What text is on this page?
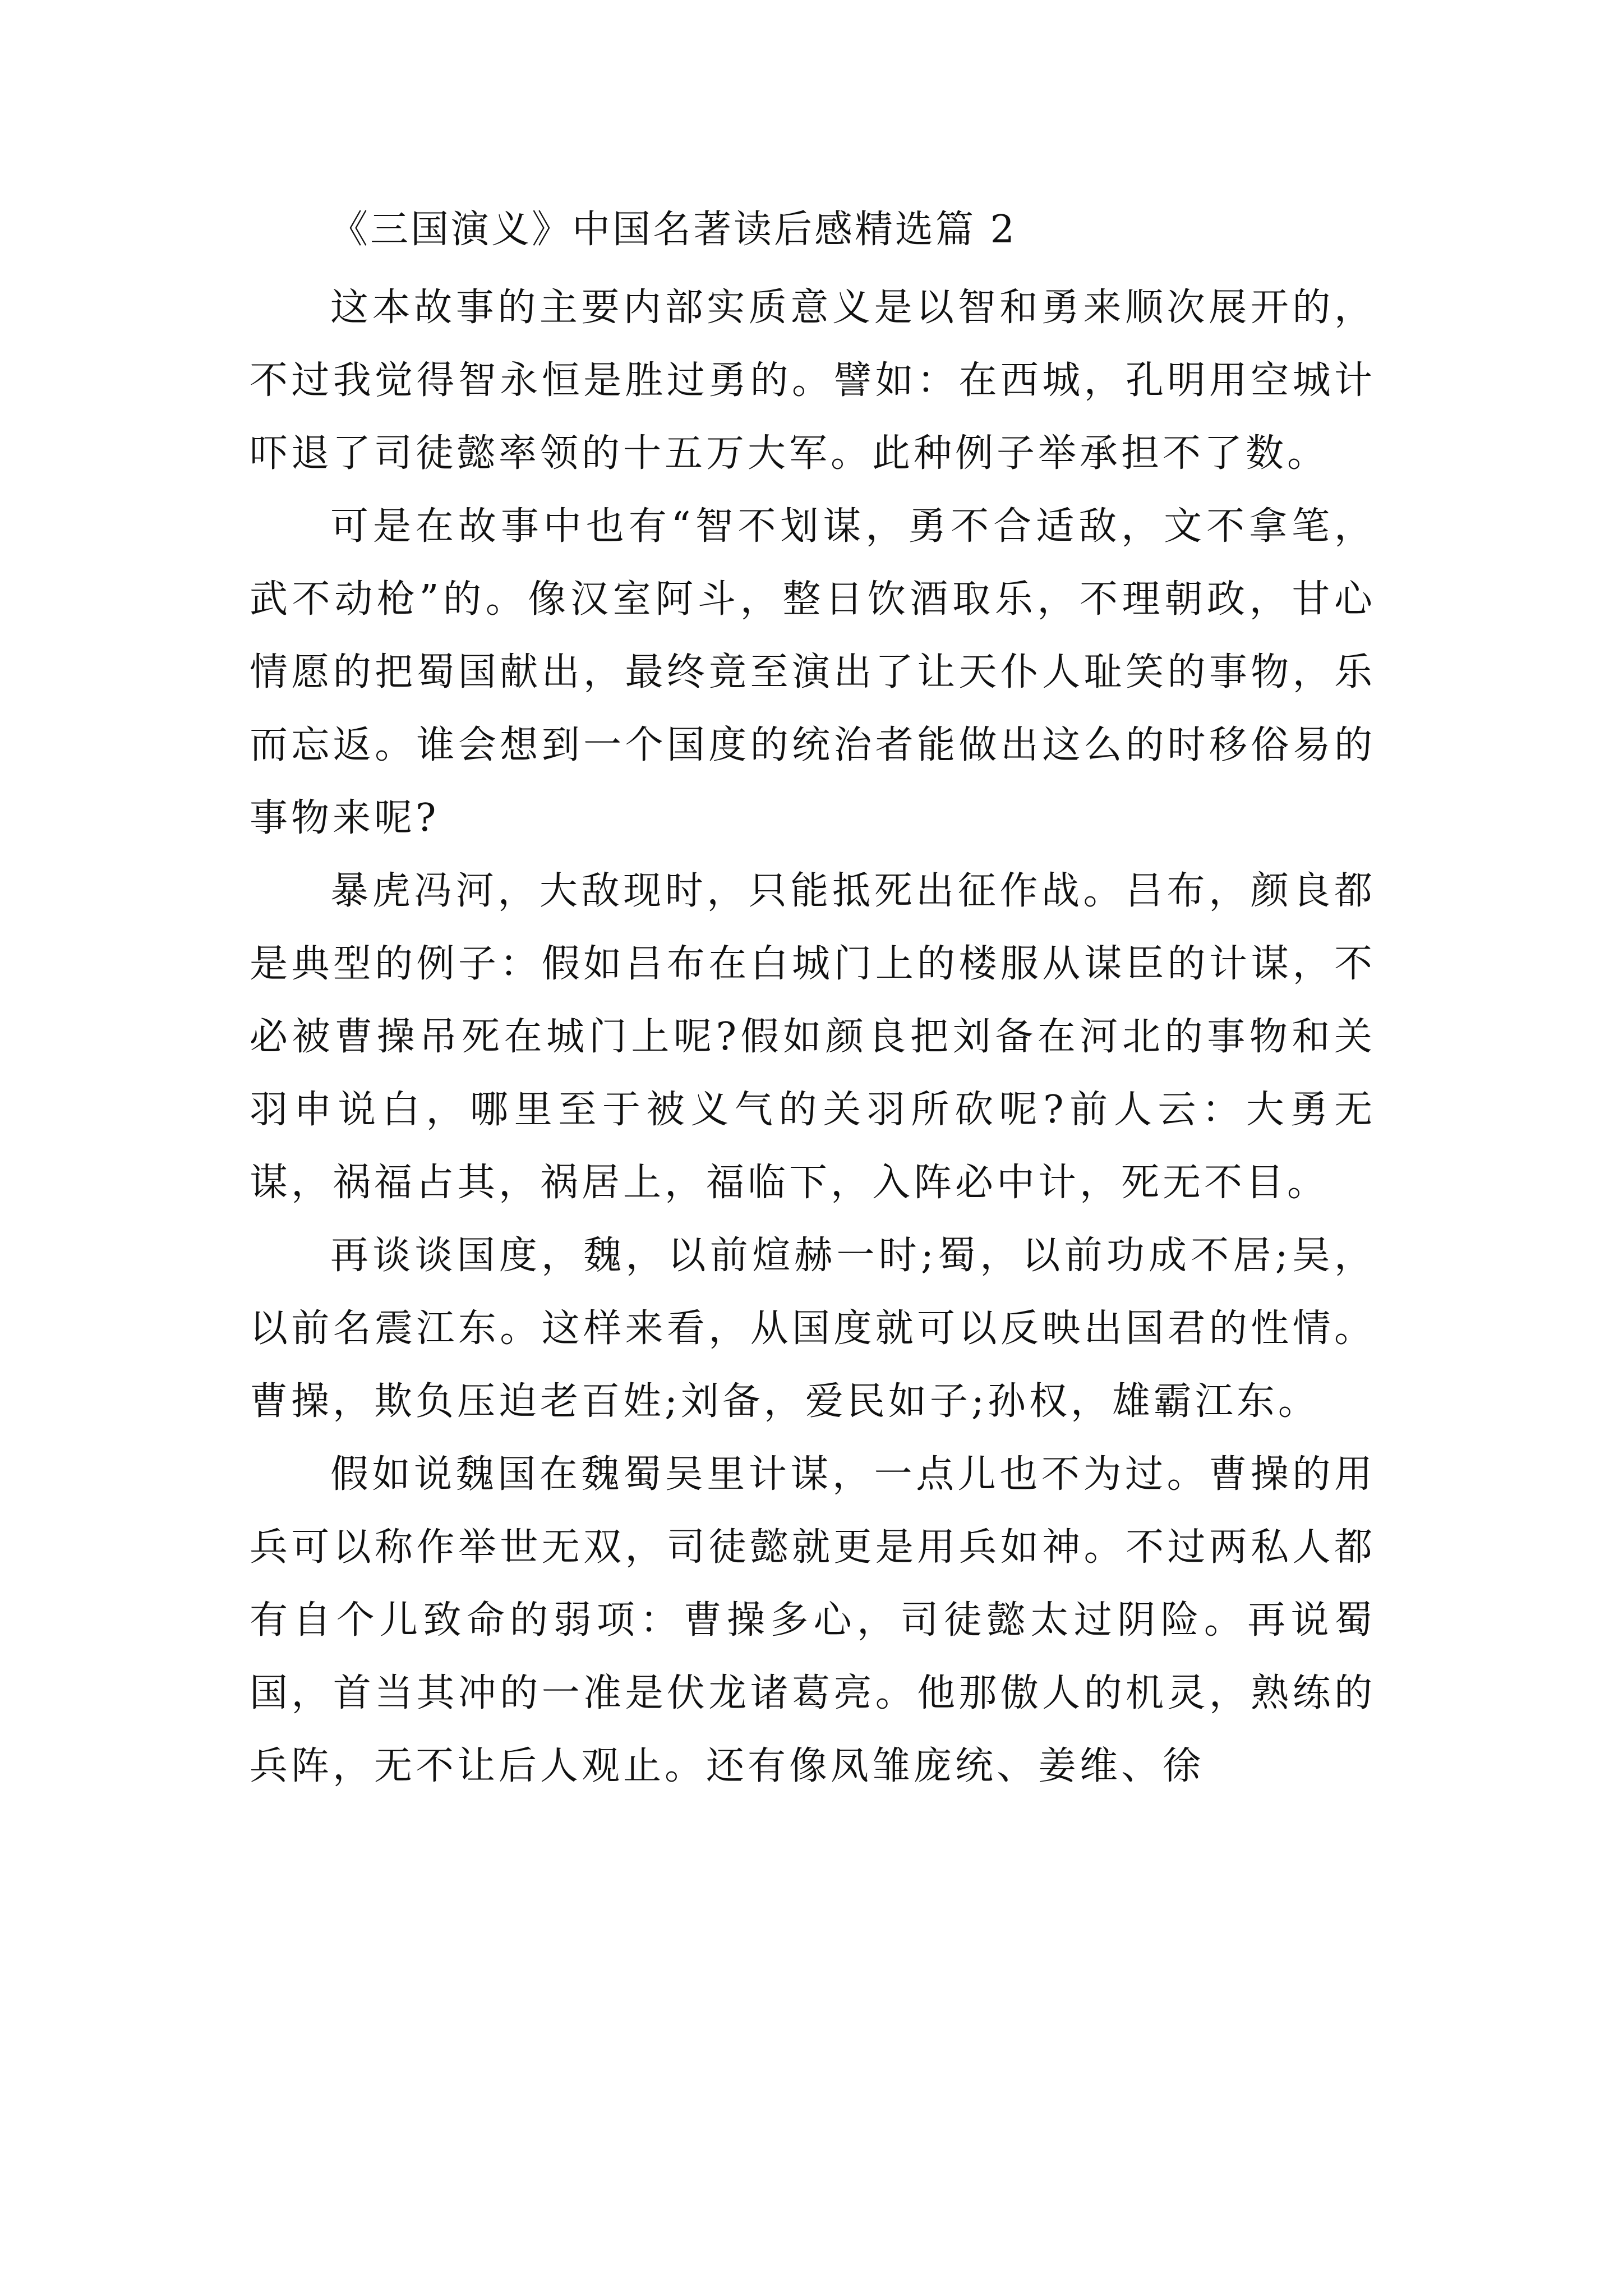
《三国演义》中国名著读后感精选篇 2

这本故事的主要内部实质意义是以智和勇来顺次展开的，不过我觉得智永恒是胜过勇的。譬如：在西城，孔明用空城计吓退了司徒懿率领的十五万大军。此种例子举承担不了数。

可是在故事中也有“智不划谋，勇不合适敌，文不拿笔，武不动枪”的。像汉室阿斗，整日饮酒取乐，不理朝政，甘心情愿的把蜀国献出，最终竟至演出了让天仆人耻笑的事物，乐而忘返。谁会想到一个国度的统治者能做出这么的时移俗易的事物来呢?

暴虎冯河，大敌现时，只能抵死出征作战。吕布，颜良都是典型的例子：假如吕布在白城门上的楼服从谋臣的计谋，不必被曹操吊死在城门上呢?假如颜良把刘备在河北的事物和关羽申说白，哪里至于被义气的关羽所砍呢?前人云：大勇无谋，祸福占其，祸居上，福临下，入阵必中计，死无不目。

再谈谈国度，魏，以前煊赫一时;蜀，以前功成不居;吴，以前名震江东。这样来看，从国度就可以反映出国君的性情。曹操，欺负压迫老百姓;刘备，爱民如子;孙权，雄霸江东。

假如说魏国在魏蜀吴里计谋，一点儿也不为过。曹操的用兵可以称作举世无双，司徒懿就更是用兵如神。不过两私人都有自个儿致命的弱项：曹操多心，司徒懿太过阴险。再说蜀国，首当其冲的一准是伏龙诸葛亮。他那傲人的机灵，熟练的兵阵，无不让后人观止。还有像凤雏庞统、姜维、徐
